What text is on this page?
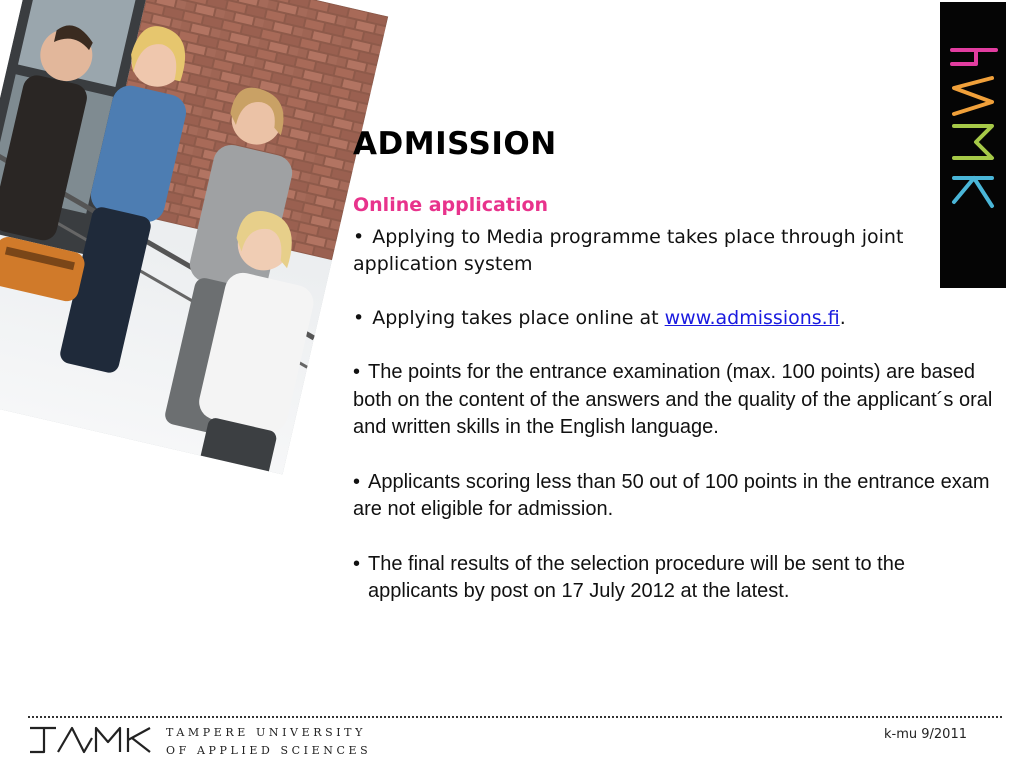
ADMISSION

Online application

• Applying to Media programme takes place through joint application system

• Applying takes place online at www.admissions.fi.

• The points for the entrance examination (max. 100 points) are based both on the content of the answers and the quality of the applicant´s oral and written skills in the English language.

• Applicants scoring less than 50 out of 100 points in the entrance exam are not eligible for admission.

• The final results of the selection procedure will be sent to the applicants by post on 17 July 2012 at the latest.

TAMPERE UNIVERSITY
OF APPLIED SCIENCES
k-mu 9/2011
